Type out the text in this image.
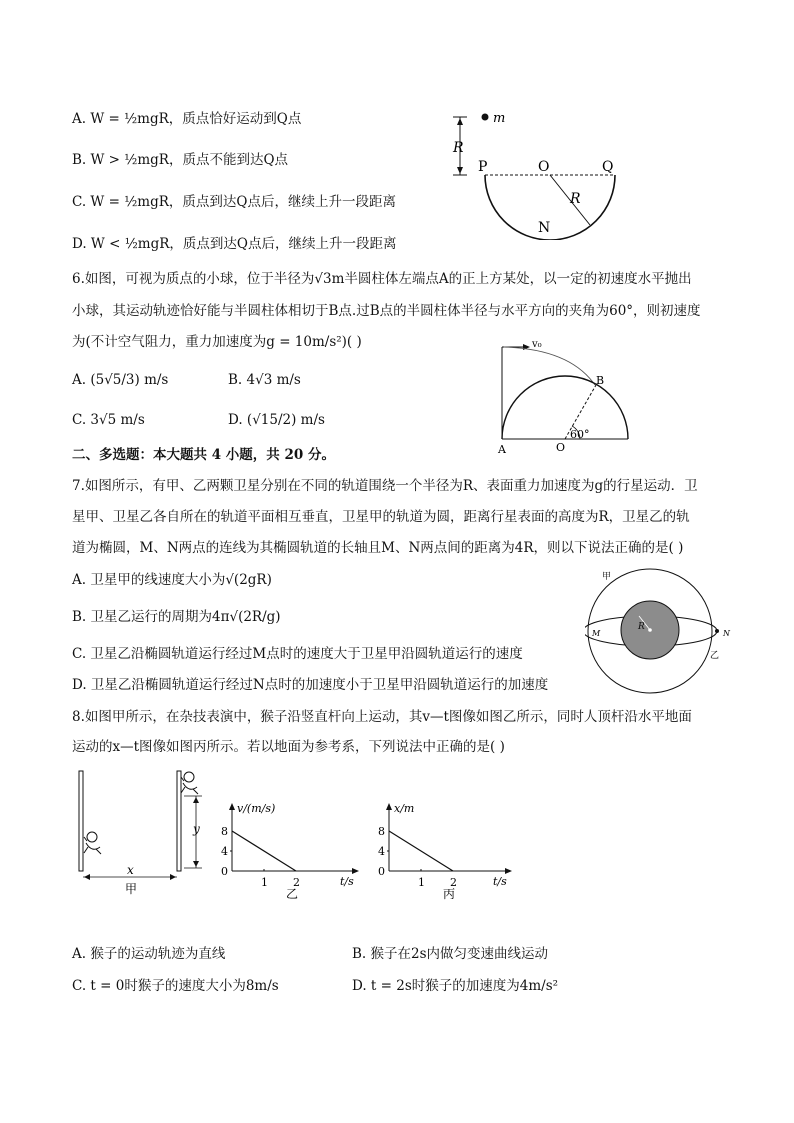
A. W = ½mgR，质点恰好运动到Q点
B. W > ½mgR，质点不能到达Q点
C. W = ½mgR，质点到达Q点后，继续上升一段距离
D. W < ½mgR，质点到达Q点后，继续上升一段距离
m
R
P	O	Q
R
N
6.如图，可视为质点的小球，位于半径为√3m半圆柱体左端点A的正上方某处，以一定的初速度水平抛出
小球，其运动轨迹恰好能与半圆柱体相切于B点.过B点的半圆柱体半径与水平方向的夹角为60°，则初速度
为(不计空气阻力，重力加速度为g = 10m/s²)( )
A. (5√5/3) m/s	B. 4√3 m/s
C. 3√5 m/s	D. (√15/2) m/s
v₀
B
A	O
60°
二、多选题：本大题共 4 小题，共 20 分。
7.如图所示，有甲、乙两颗卫星分别在不同的轨道围绕一个半径为R、表面重力加速度为g的行星运动．卫
星甲、卫星乙各自所在的轨道平面相互垂直，卫星甲的轨道为圆，距离行星表面的高度为R，卫星乙的轨
道为椭圆，M、N两点的连线为其椭圆轨道的长轴且M、N两点间的距离为4R，则以下说法正确的是( )
A. 卫星甲的线速度大小为√(2gR)
B. 卫星乙运行的周期为4π√(2R/g)
C. 卫星乙沿椭圆轨道运行经过M点时的速度大于卫星甲沿圆轨道运行的速度
D. 卫星乙沿椭圆轨道运行经过N点时的加速度小于卫星甲沿圆轨道运行的加速度
R
甲
乙
M	N
8.如图甲所示，在杂技表演中，猴子沿竖直杆向上运动，其v—t图像如图乙所示，同时人顶杆沿水平地面
运动的x—t图像如图丙所示。若以地面为参考系，下列说法中正确的是( )
y
x
甲
v/(m/s)
t/s
8
4
0
1 2
乙
x/m
t/s
8
4
0
1 2
丙
A. 猴子的运动轨迹为直线	B. 猴子在2s内做匀变速曲线运动
C. t = 0时猴子的速度大小为8m/s	D. t = 2s时猴子的加速度为4m/s²
